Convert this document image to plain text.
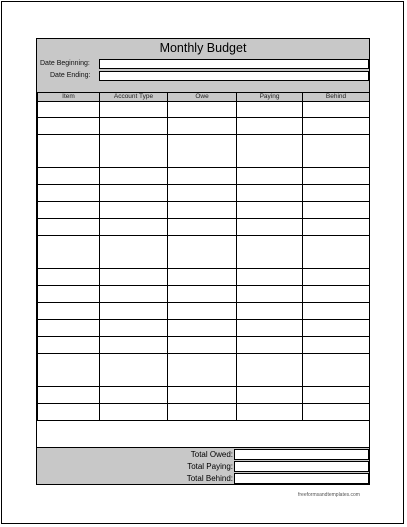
Monthly Budget
Date Beginning:
Date Ending:
Item	Account Type	Owe	Paying	Behind

Total Owed:
Total Paying:
Total Behind:
freeformsandtemplates.com
